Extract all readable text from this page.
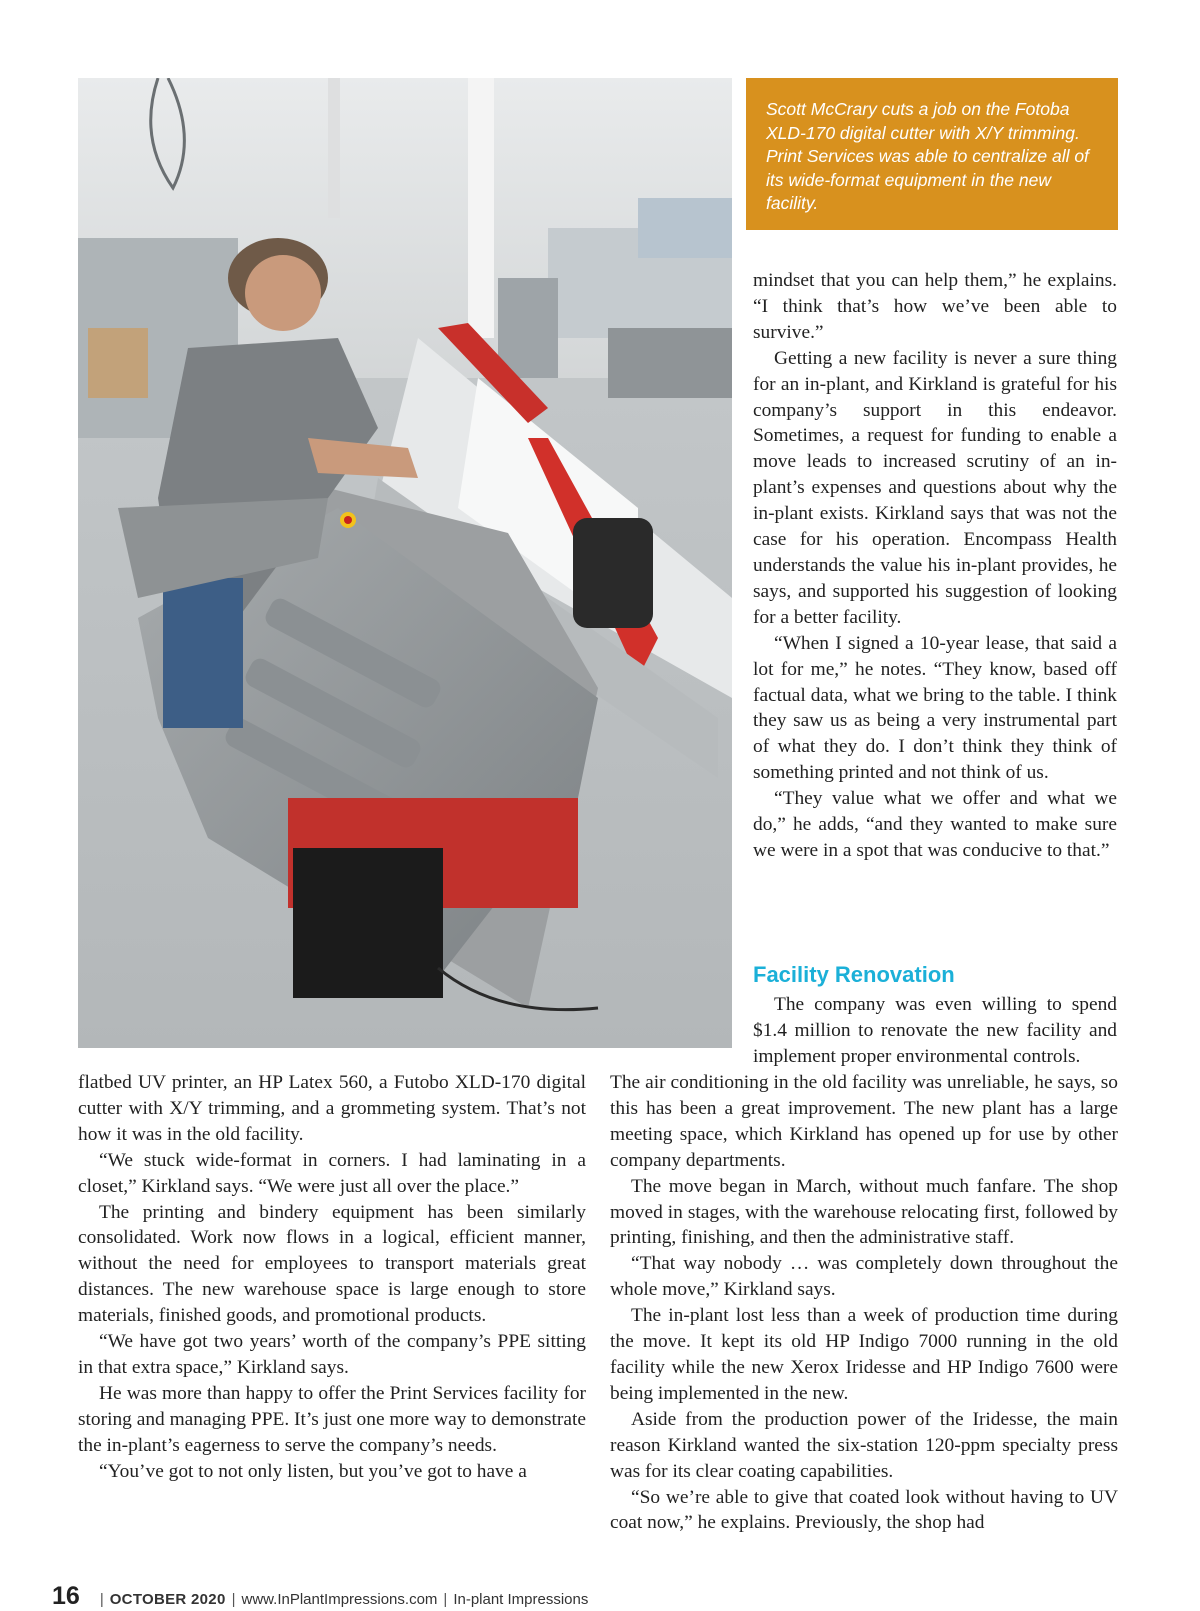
Scott McCrary cuts a job on the Fotoba XLD-170 digital cutter with X/Y trimming. Print Services was able to centralize all of its wide-format equipment in the new facility.

mindset that you can help them,” he explains. “I think that’s how we’ve been able to survive.”

Getting a new facility is never a sure thing for an in-plant, and Kirkland is grateful for his company’s support in this endeavor. Sometimes, a request for funding to enable a move leads to increased scrutiny of an in-plant’s expenses and questions about why the in-plant exists. Kirkland says that was not the case for his operation. Encompass Health understands the value his in-plant provides, he says, and supported his suggestion of looking for a better facility.

“When I signed a 10-year lease, that said a lot for me,” he notes. “They know, based off factual data, what we bring to the table. I think they saw us as being a very instrumental part of what they do. I don’t think they think of something printed and not think of us.

“They value what we offer and what we do,” he adds, “and they wanted to make sure we were in a spot that was conducive to that.”

Facility Renovation

The company was even willing to spend $1.4 million to renovate the new facility and implement proper environmental controls.

flatbed UV printer, an HP Latex 560, a Futobo XLD-170 digital cutter with X/Y trimming, and a grommeting system. That’s not how it was in the old facility.

“We stuck wide-format in corners. I had laminating in a closet,” Kirkland says. “We were just all over the place.”

The printing and bindery equipment has been similarly consolidated. Work now flows in a logical, efficient manner, without the need for employees to transport materials great distances. The new warehouse space is large enough to store materials, finished goods, and promotional products.

“We have got two years’ worth of the company’s PPE sitting in that extra space,” Kirkland says.

He was more than happy to offer the Print Services facility for storing and managing PPE. It’s just one more way to demonstrate the in-plant’s eagerness to serve the company’s needs.

“You’ve got to not only listen, but you’ve got to have a

The air conditioning in the old facility was unreliable, he says, so this has been a great improvement. The new plant has a large meeting space, which Kirkland has opened up for use by other company departments.

The move began in March, without much fanfare. The shop moved in stages, with the warehouse relocating first, followed by printing, finishing, and then the administrative staff.

“That way nobody … was completely down throughout the whole move,” Kirkland says.

The in-plant lost less than a week of production time during the move. It kept its old HP Indigo 7000 running in the old facility while the new Xerox Iridesse and HP Indigo 7600 were being implemented in the new.

Aside from the production power of the Iridesse, the main reason Kirkland wanted the six-station 120-ppm specialty press was for its clear coating capabilities.

“So we’re able to give that coated look without having to UV coat now,” he explains. Previously, the shop had

16 | OCTOBER 2020 | www.InPlantImpressions.com | In-plant Impressions
